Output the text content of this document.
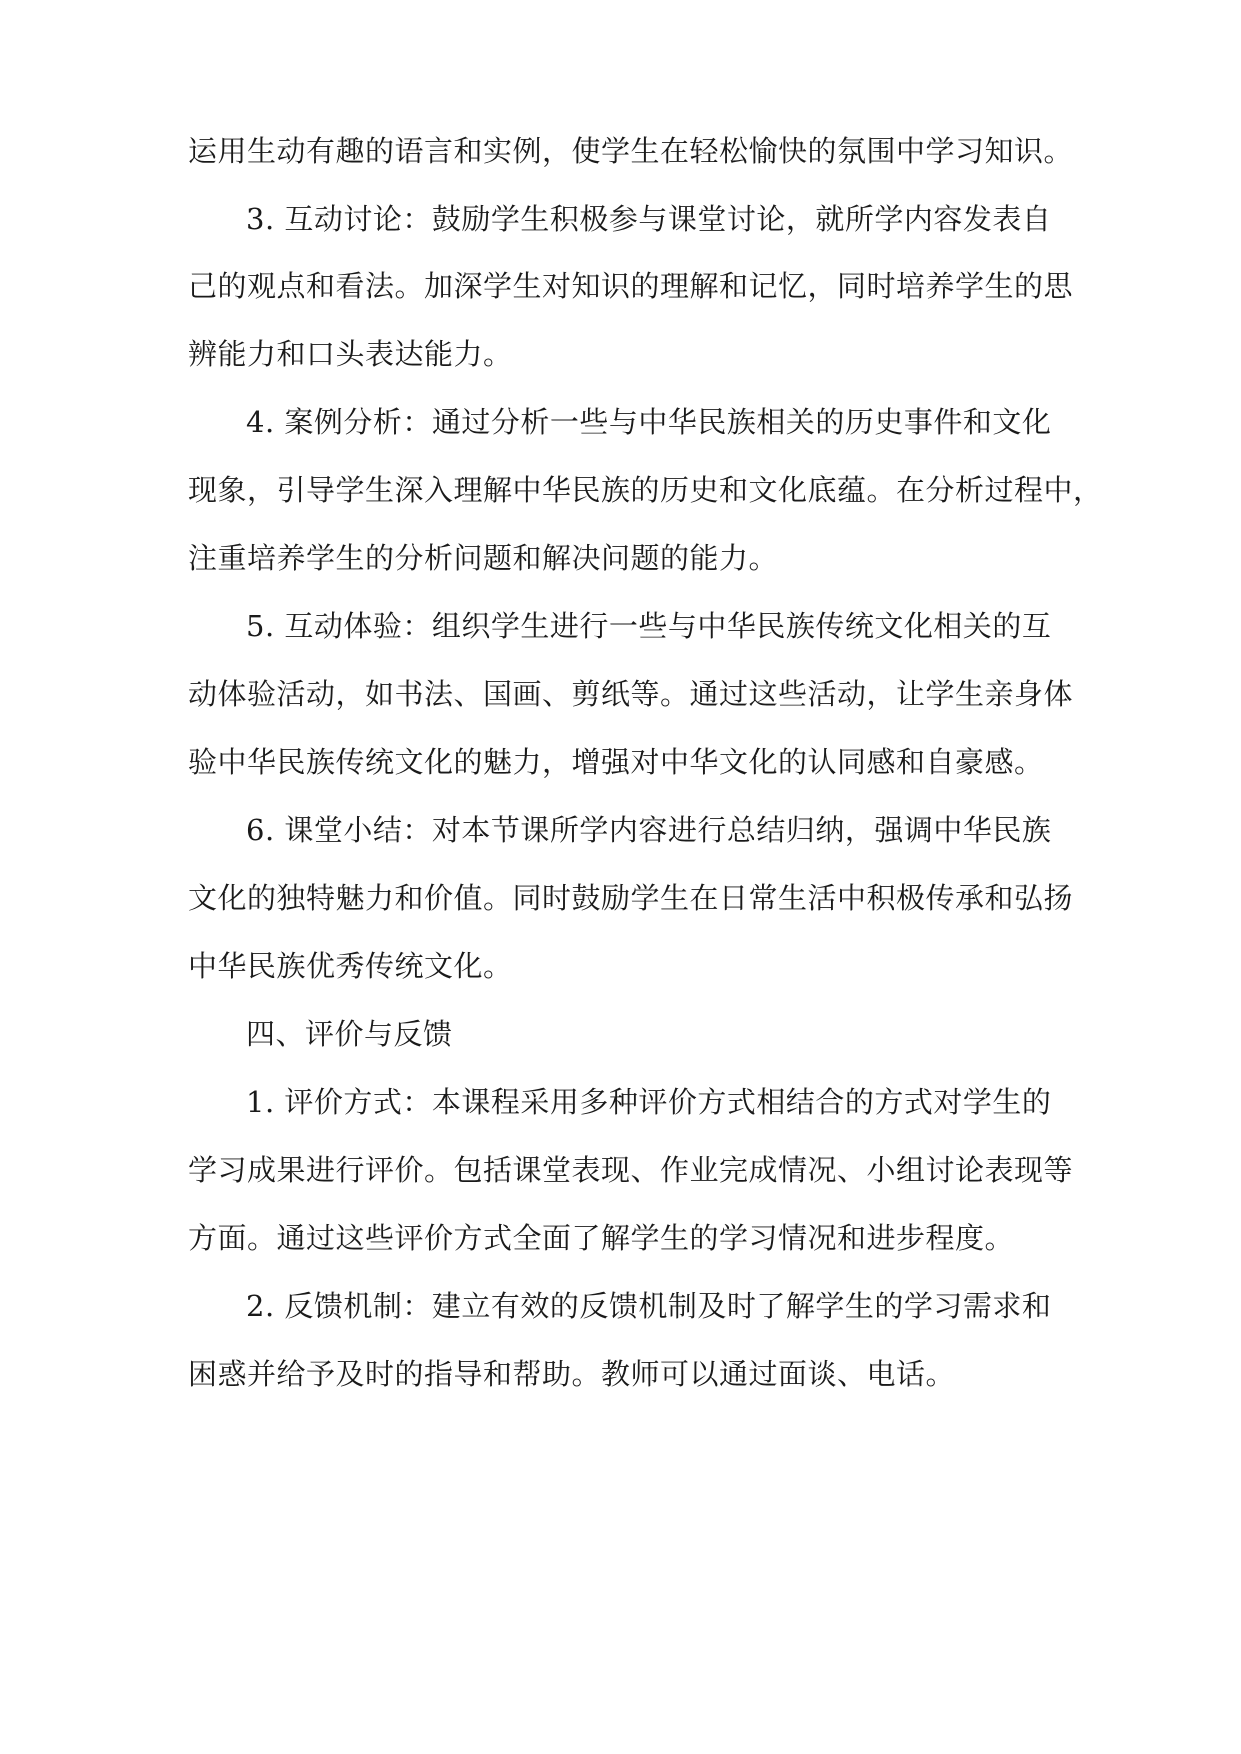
运用生动有趣的语言和实例，使学生在轻松愉快的氛围中学习知识。
3. 互动讨论：鼓励学生积极参与课堂讨论，就所学内容发表自
己的观点和看法。加深学生对知识的理解和记忆，同时培养学生的思
辨能力和口头表达能力。
4. 案例分析：通过分析一些与中华民族相关的历史事件和文化
现象，引导学生深入理解中华民族的历史和文化底蕴。在分析过程中，
注重培养学生的分析问题和解决问题的能力。
5. 互动体验：组织学生进行一些与中华民族传统文化相关的互
动体验活动，如书法、国画、剪纸等。通过这些活动，让学生亲身体
验中华民族传统文化的魅力，增强对中华文化的认同感和自豪感。
6. 课堂小结：对本节课所学内容进行总结归纳，强调中华民族
文化的独特魅力和价值。同时鼓励学生在日常生活中积极传承和弘扬
中华民族优秀传统文化。
四、评价与反馈
1. 评价方式：本课程采用多种评价方式相结合的方式对学生的
学习成果进行评价。包括课堂表现、作业完成情况、小组讨论表现等
方面。通过这些评价方式全面了解学生的学习情况和进步程度。
2. 反馈机制：建立有效的反馈机制及时了解学生的学习需求和
困惑并给予及时的指导和帮助。教师可以通过面谈、电话。
